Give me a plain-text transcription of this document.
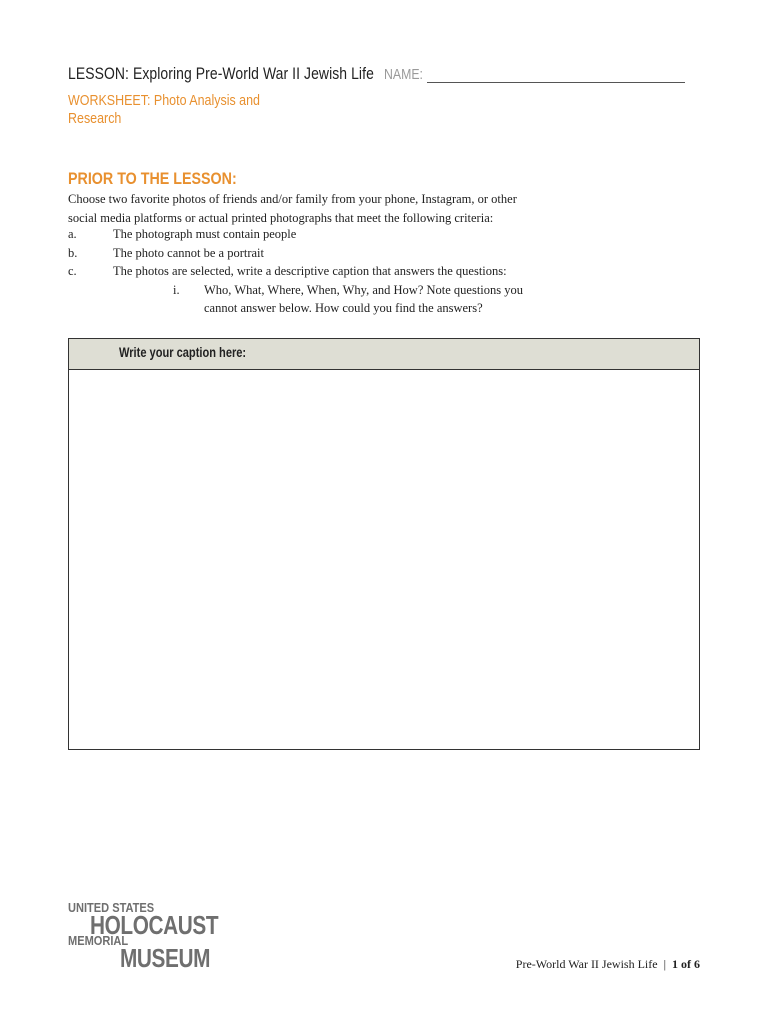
LESSON: Exploring Pre-World War II Jewish Life NAME:
WORKSHEET: Photo Analysis and Research
PRIOR TO THE LESSON:

Choose two favorite photos of friends and/or family from your phone, Instagram, or other

social media platforms or actual printed photographs that meet the following criteria:

a.	The photograph must contain people
b.	The photo cannot be a portrait
c.	The photos are selected, write a descriptive caption that answers the questions:
i. Who, What, Where, When, Why, and How? Note questions you
cannot answer below. How could you find the answers?
Write your caption here:
UNITED STATES
HOLOCAUST
MEMORIAL
MUSEUM	Pre-World War II Jewish Life | 1 of 6
